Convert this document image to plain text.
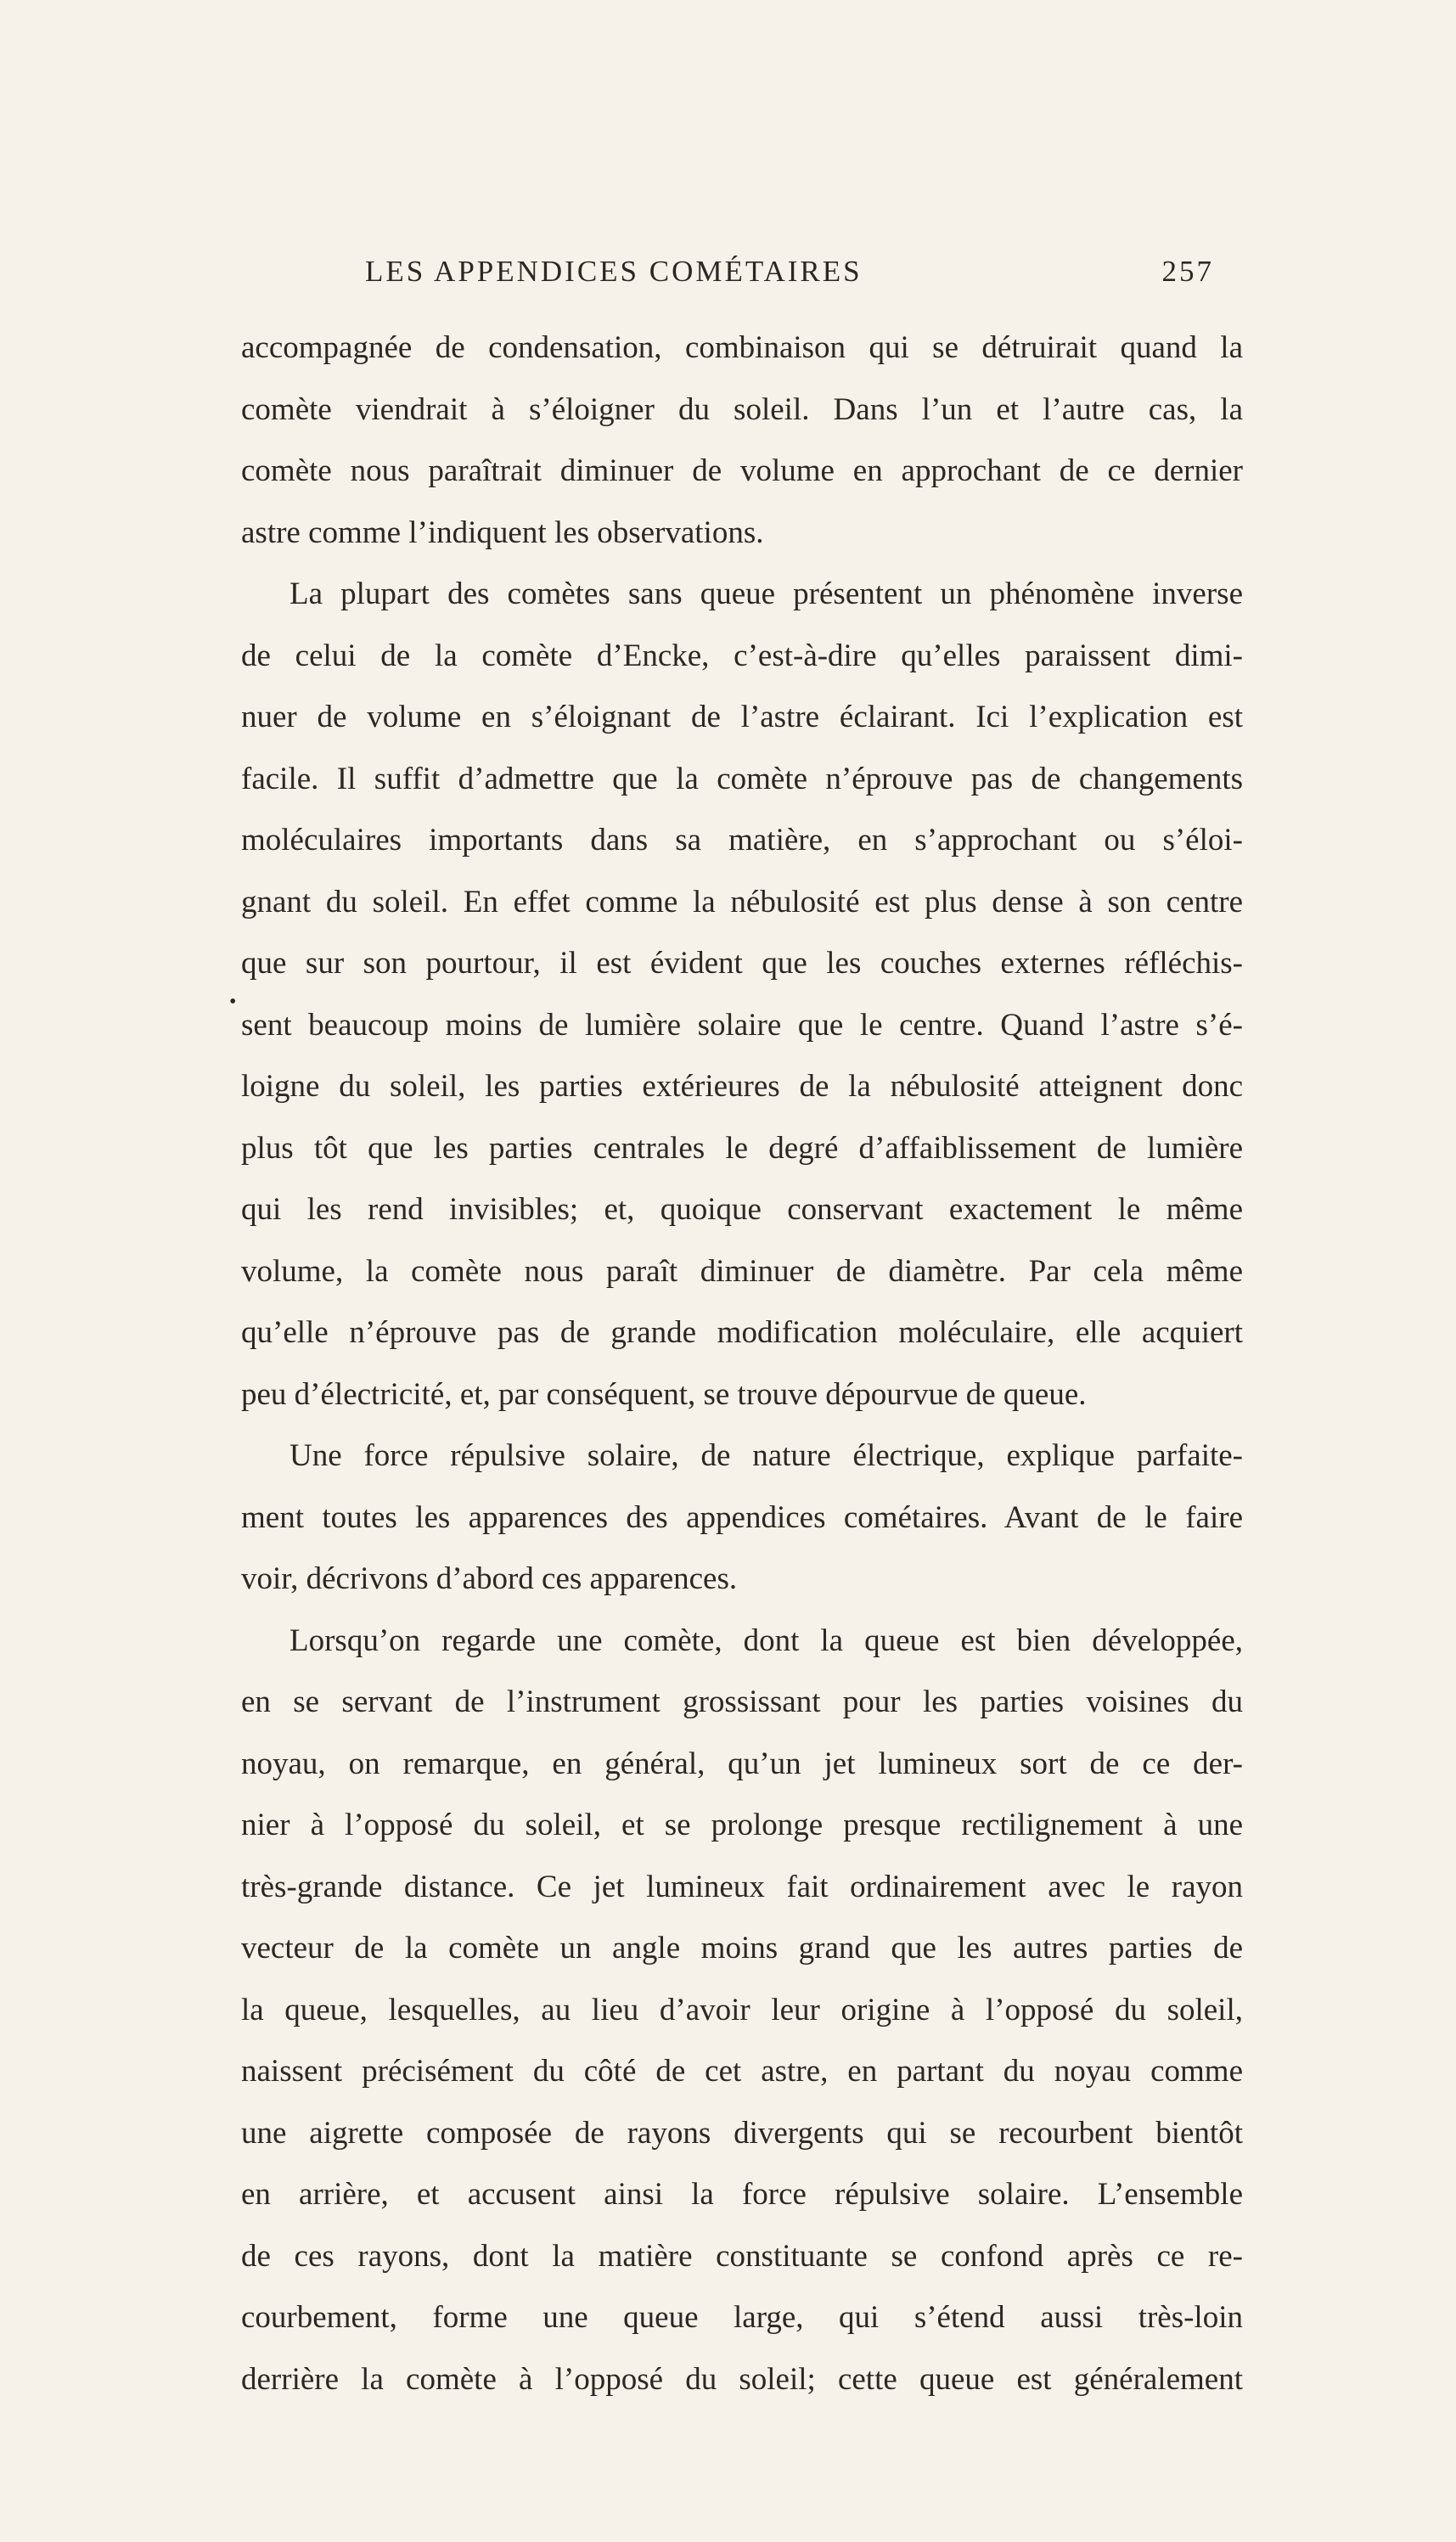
LES APPENDICES COMÉTAIRES	257
•
accompagnée de condensation, combinaison qui se détruirait quand la
comète viendrait à s’éloigner du soleil. Dans l’un et l’autre cas, la
comète nous paraîtrait diminuer de volume en approchant de ce dernier
astre comme l’indiquent les observations.
La plupart des comètes sans queue présentent un phénomène inverse
de celui de la comète d’Encke, c’est-à-dire qu’elles paraissent dimi-
nuer de volume en s’éloignant de l’astre éclairant. Ici l’explication est
facile. Il suffit d’admettre que la comète n’éprouve pas de changements
moléculaires importants dans sa matière, en s’approchant ou s’éloi-
gnant du soleil. En effet comme la nébulosité est plus dense à son centre
que sur son pourtour, il est évident que les couches externes réfléchis-
sent beaucoup moins de lumière solaire que le centre. Quand l’astre s’é-
loigne du soleil, les parties extérieures de la nébulosité atteignent donc
plus tôt que les parties centrales le degré d’affaiblissement de lumière
qui les rend invisibles; et, quoique conservant exactement le même
volume, la comète nous paraît diminuer de diamètre. Par cela même
qu’elle n’éprouve pas de grande modification moléculaire, elle acquiert
peu d’électricité, et, par conséquent, se trouve dépourvue de queue.
Une force répulsive solaire, de nature électrique, explique parfaite-
ment toutes les apparences des appendices cométaires. Avant de le faire
voir, décrivons d’abord ces apparences.
Lorsqu’on regarde une comète, dont la queue est bien développée,
en se servant de l’instrument grossissant pour les parties voisines du
noyau, on remarque, en général, qu’un jet lumineux sort de ce der-
nier à l’opposé du soleil, et se prolonge presque rectilignement à une
très-grande distance. Ce jet lumineux fait ordinairement avec le rayon
vecteur de la comète un angle moins grand que les autres parties de
la queue, lesquelles, au lieu d’avoir leur origine à l’opposé du soleil,
naissent précisément du côté de cet astre, en partant du noyau comme
une aigrette composée de rayons divergents qui se recourbent bientôt
en arrière, et accusent ainsi la force répulsive solaire. L’ensemble
de ces rayons, dont la matière constituante se confond après ce re-
courbement, forme une queue large, qui s’étend aussi très-loin
derrière la comète à l’opposé du soleil; cette queue est généralement
